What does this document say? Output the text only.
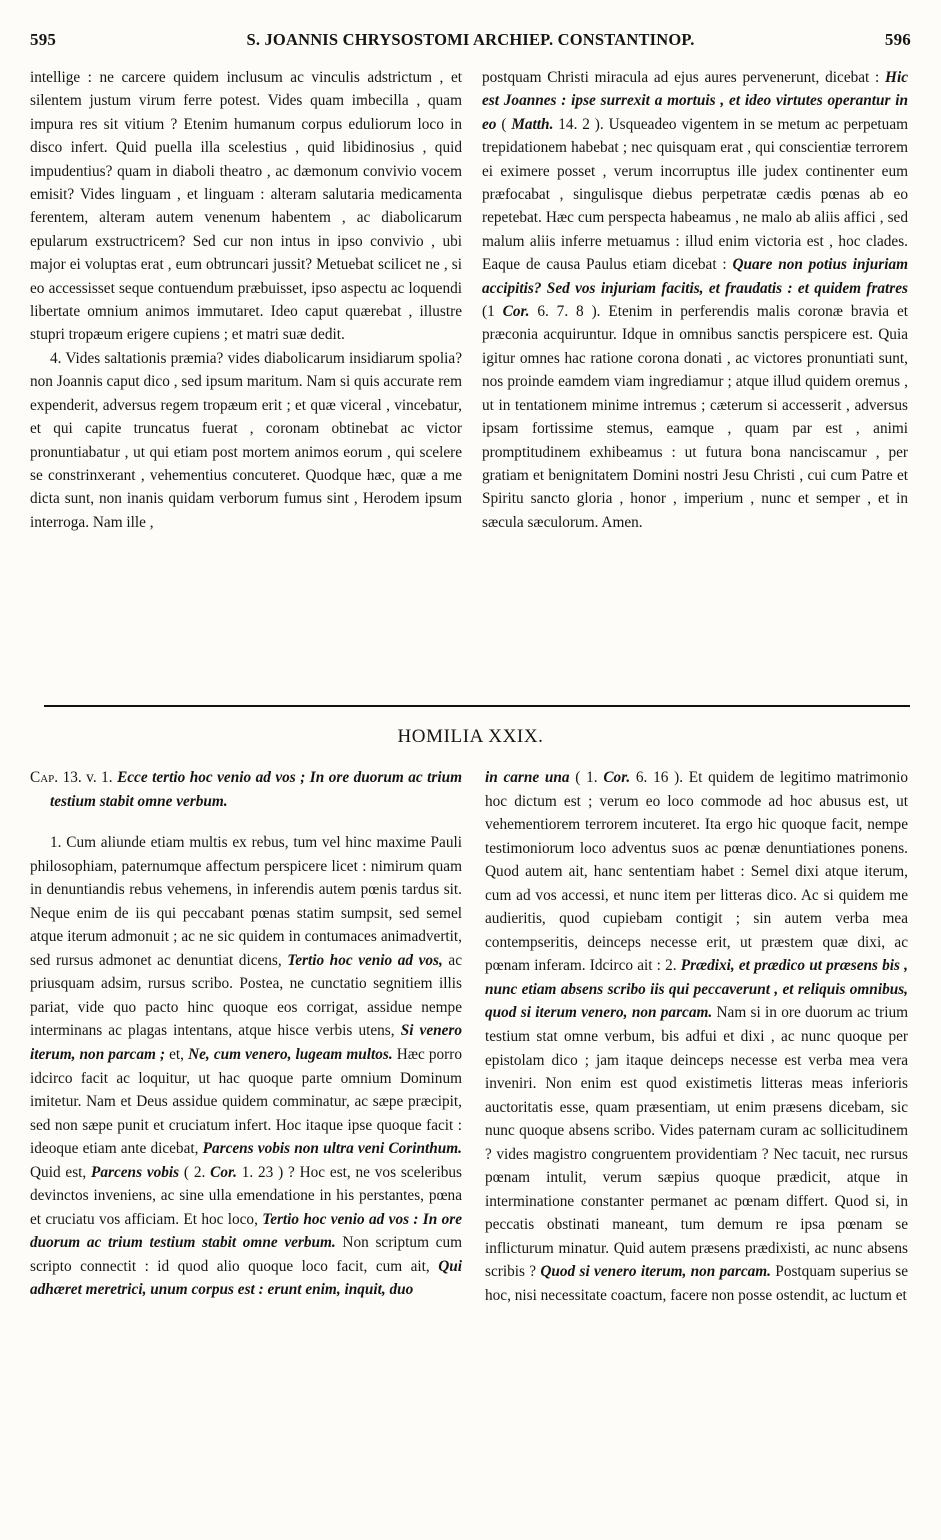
595	S. JOANNIS CHRYSOSTOMI ARCHIEP. CONSTANTINOP.	596

intellige : ne carcere quidem inclusum ac vinculis adstrictum , et silentem justum virum ferre potest. Vides quam imbecilla , quam impura res sit vitium ? Etenim humanum corpus eduliorum loco in disco infert. Quid puella illa scelestius , quid libidinosius , quid impudentius? quam in diaboli theatro , ac dæmonum convivio vocem emisit? Vides linguam , et linguam : alteram salutaria medicamenta ferentem, alteram autem venenum habentem , ac diabolicarum epularum exstructricem? Sed cur non intus in ipso convivio , ubi major ei voluptas erat , eum obtruncari jussit? Metuebat scilicet ne , si eo accessisset seque contuendum præbuisset, ipso aspectu ac loquendi libertate omnium animos immutaret. Ideo caput quærebat , illustre stupri tropæum erigere cupiens ; et matri suæ dedit.

4. Vides saltationis præmia? vides diabolicarum insidiarum spolia? non Joannis caput dico , sed ipsum maritum. Nam si quis accurate rem expenderit, adversus regem tropæum erit ; et quæ viceral , vincebatur, et qui capite truncatus fuerat , coronam obtinebat ac victor pronuntiabatur , ut qui etiam post mortem animos eorum , qui scelere se constrinxerant , vehementius concuteret. Quodque hæc, quæ a me dicta sunt, non inanis quidam verborum fumus sint , Herodem ipsum interroga. Nam ille ,

postquam Christi miracula ad ejus aures pervenerunt, dicebat : Hic est Joannes : ipse surrexit a mortuis , et ideo virtutes operantur in eo ( Matth. 14. 2 ). Usqueadeo vigentem in se metum ac perpetuam trepidationem habebat ; nec quisquam erat , qui conscientiæ terrorem ei eximere posset , verum incorruptus ille judex continenter eum præfocabat , singulisque diebus perpetratæ cædis pœnas ab eo repetebat. Hæc cum perspecta habeamus , ne malo ab aliis affici , sed malum aliis inferre metuamus : illud enim victoria est , hoc clades. Eaque de causa Paulus etiam dicebat : Quare non potius injuriam accipitis? Sed vos injuriam facitis, et fraudatis : et quidem fratres (1 Cor. 6. 7. 8 ). Etenim in perferendis malis coronæ bravia et præconia acquiruntur. Idque in omnibus sanctis perspicere est. Quia igitur omnes hac ratione corona donati , ac victores pronuntiati sunt, nos proinde eamdem viam ingrediamur ; atque illud quidem oremus , ut in tentationem minime intremus ; cæterum si accesserit , adversus ipsam fortissime stemus, eamque , quam par est , animi promptitudinem exhibeamus : ut futura bona nanciscamur , per gratiam et benignitatem Domini nostri Jesu Christi , cui cum Patre et Spiritu sancto gloria , honor , imperium , nunc et semper , et in sæcula sæculorum. Amen.

HOMILIA XXIX.

Cap. 13. v. 1. Ecce tertio hoc venio ad vos ; In ore duorum ac trium testium stabit omne verbum.

1. Cum aliunde etiam multis ex rebus, tum vel hinc maxime Pauli philosophiam, paternumque affectum perspicere licet : nimirum quam in denuntiandis rebus vehemens, in inferendis autem pœnis tardus sit. Neque enim de iis qui peccabant pœnas statim sumpsit, sed semel atque iterum admonuit ; ac ne sic quidem in contumaces animadvertit, sed rursus admonet ac denuntiat dicens, Tertio hoc venio ad vos, ac priusquam adsim, rursus scribo. Postea, ne cunctatio segnitiem illis pariat, vide quo pacto hinc quoque eos corrigat, assidue nempe interminans ac plagas intentans, atque hisce verbis utens, Si venero iterum, non parcam ; et, Ne, cum venero, lugeam multos. Hæc porro idcirco facit ac loquitur, ut hac quoque parte omnium Dominum imitetur. Nam et Deus assidue quidem comminatur, ac sæpe præcipit, sed non sæpe punit et cruciatum infert. Hoc itaque ipse quoque facit : ideoque etiam ante dicebat, Parcens vobis non ultra veni Corinthum. Quid est, Parcens vobis ( 2. Cor. 1. 23 ) ? Hoc est, ne vos sceleribus devinctos inveniens, ac sine ulla emendatione in his perstantes, pœna et cruciatu vos afficiam. Et hoc loco, Tertio hoc venio ad vos : In ore duorum ac trium testium stabit omne verbum. Non scriptum cum scripto connectit : id quod alio quoque loco facit, cum ait, Qui adhæret meretrici, unum corpus est : erunt enim, inquit, duo

in carne una ( 1. Cor. 6. 16 ). Et quidem de legitimo matrimonio hoc dictum est ; verum eo loco commode ad hoc abusus est, ut vehementiorem terrorem incuteret. Ita ergo hic quoque facit, nempe testimoniorum loco adventus suos ac pœnæ denuntiationes ponens. Quod autem ait, hanc sententiam habet : Semel dixi atque iterum, cum ad vos accessi, et nunc item per litteras dico. Ac si quidem me audieritis, quod cupiebam contigit ; sin autem verba mea contempseritis, deinceps necesse erit, ut præstem quæ dixi, ac pœnam inferam. Idcirco ait : 2. Prædixi, et prædico ut præsens bis , nunc etiam absens scribo iis qui peccaverunt , et reliquis omnibus, quod si iterum venero, non parcam. Nam si in ore duorum ac trium testium stat omne verbum, bis adfui et dixi , ac nunc quoque per epistolam dico ; jam itaque deinceps necesse est verba mea vera inveniri. Non enim est quod existimetis litteras meas inferioris auctoritatis esse, quam præsentiam, ut enim præsens dicebam, sic nunc quoque absens scribo. Vides paternam curam ac sollicitudinem ? vides magistro congruentem providentiam ? Nec tacuit, nec rursus pœnam intulit, verum sæpius quoque prædicit, atque in interminatione constanter permanet ac pœnam differt. Quod si, in peccatis obstinati maneant, tum demum re ipsa pœnam se inflicturum minatur. Quid autem præsens prædixisti, ac nunc absens scribis ? Quod si venero iterum, non parcam. Postquam superius se hoc, nisi necessitate coactum, facere non posse ostendit, ac luctum et
